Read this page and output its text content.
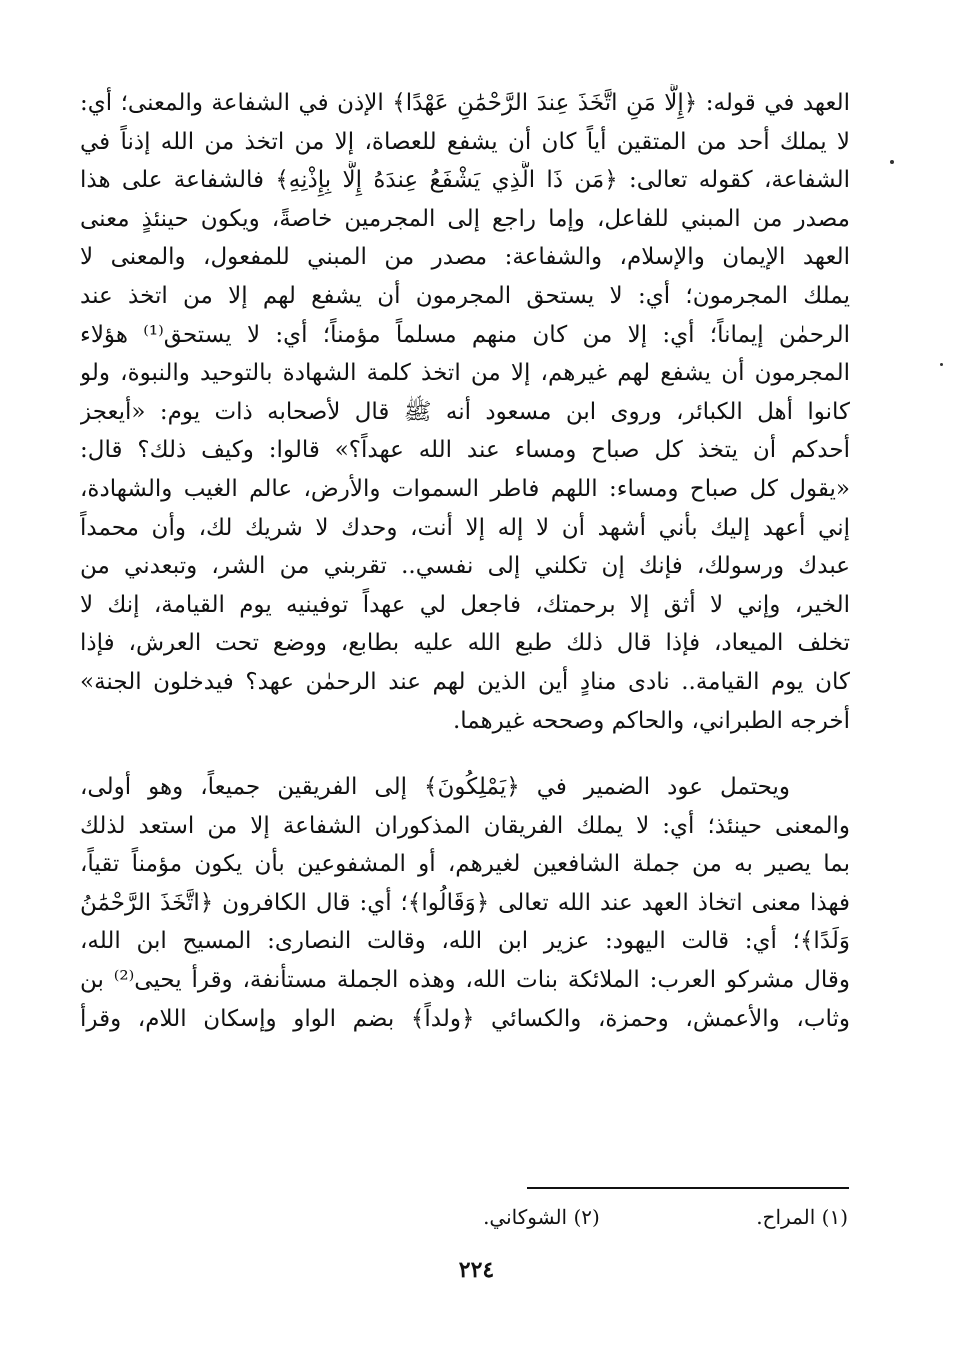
العهد في قوله: ﴿إِلَّا مَنِ اتَّخَذَ عِندَ الرَّحْمَٰنِ عَهْدًا﴾ الإذن في الشفاعة والمعنى؛ أي:
لا يملك أحد من المتقين أياً كان أن يشفع للعصاة، إلا من اتخذ من الله إذناً في
الشفاعة، كقوله تعالى: ﴿مَن ذَا الَّذِي يَشْفَعُ عِندَهُ إِلَّا بِإِذْنِهِ﴾ فالشفاعة على هذا
مصدر من المبني للفاعل، وإما راجع إلى المجرمين خاصةً، ويكون حينئذٍ معنى
العهد الإيمان والإسلام، والشفاعة: مصدر من المبني للمفعول، والمعنى لا
يملك المجرمون؛ أي: لا يستحق المجرمون أن يشفع لهم إلا من اتخذ عند
الرحمٰن إيماناً؛ أي: إلا من كان منهم مسلماً مؤمناً؛ أي: لا يستحق⁽¹⁾ هؤلاء
المجرمون أن يشفع لهم غيرهم، إلا من اتخذ كلمة الشهادة بالتوحيد والنبوة، ولو
كانوا أهل الكبائر، وروى ابن مسعود أنه ﷺ قال لأصحابه ذات يوم: «أيعجز
أحدكم أن يتخذ كل صباح ومساء عند الله عهداً؟» قالوا: وكيف ذلك؟ قال:
«يقول كل صباح ومساء: اللهم فاطر السموات والأرض، عالم الغيب والشهادة،
إني أعهد إليك بأني أشهد أن لا إله إلا أنت، وحدك لا شريك لك، وأن محمداً
عبدك ورسولك، فإنك إن تكلني إلى نفسي.. تقربني من الشر، وتبعدني من
الخير، وإني لا أثق إلا برحمتك، فاجعل لي عهداً توفينيه يوم القيامة، إنك لا
تخلف الميعاد، فإذا قال ذلك طبع الله عليه بطابع، ووضع تحت العرش، فإذا
كان يوم القيامة.. نادى منادٍ أين الذين لهم عند الرحمٰن عهد؟ فيدخلون الجنة»
أخرجه الطبراني، والحاكم وصححه غيرهما.
ويحتمل عود الضمير في ﴿يَمْلِكُونَ﴾ إلى الفريقين جميعاً، وهو أولى،
والمعنى حينئذ؛ أي: لا يملك الفريقان المذكوران الشفاعة إلا من استعد لذلك
بما يصير به من جملة الشافعين لغيرهم، أو المشفوعين بأن يكون مؤمناً تقياً،
فهذا معنى اتخاذ العهد عند الله تعالى ﴿وَقَالُوا﴾؛ أي: قال الكافرون ﴿اتَّخَذَ الرَّحْمَٰنُ
وَلَدًا﴾؛ أي: قالت اليهود: عزير ابن الله، وقالت النصارى: المسيح ابن الله،
وقال مشركو العرب: الملائكة بنات الله، وهذه الجملة مستأنفة، وقرأ يحيى⁽²⁾ بن
وثاب، والأعمش، وحمزة، والكسائي ﴿ولداً﴾ بضم الواو وإسكان اللام، وقرأ
(١) المراح. (٢) الشوكاني.
٢٢٤
